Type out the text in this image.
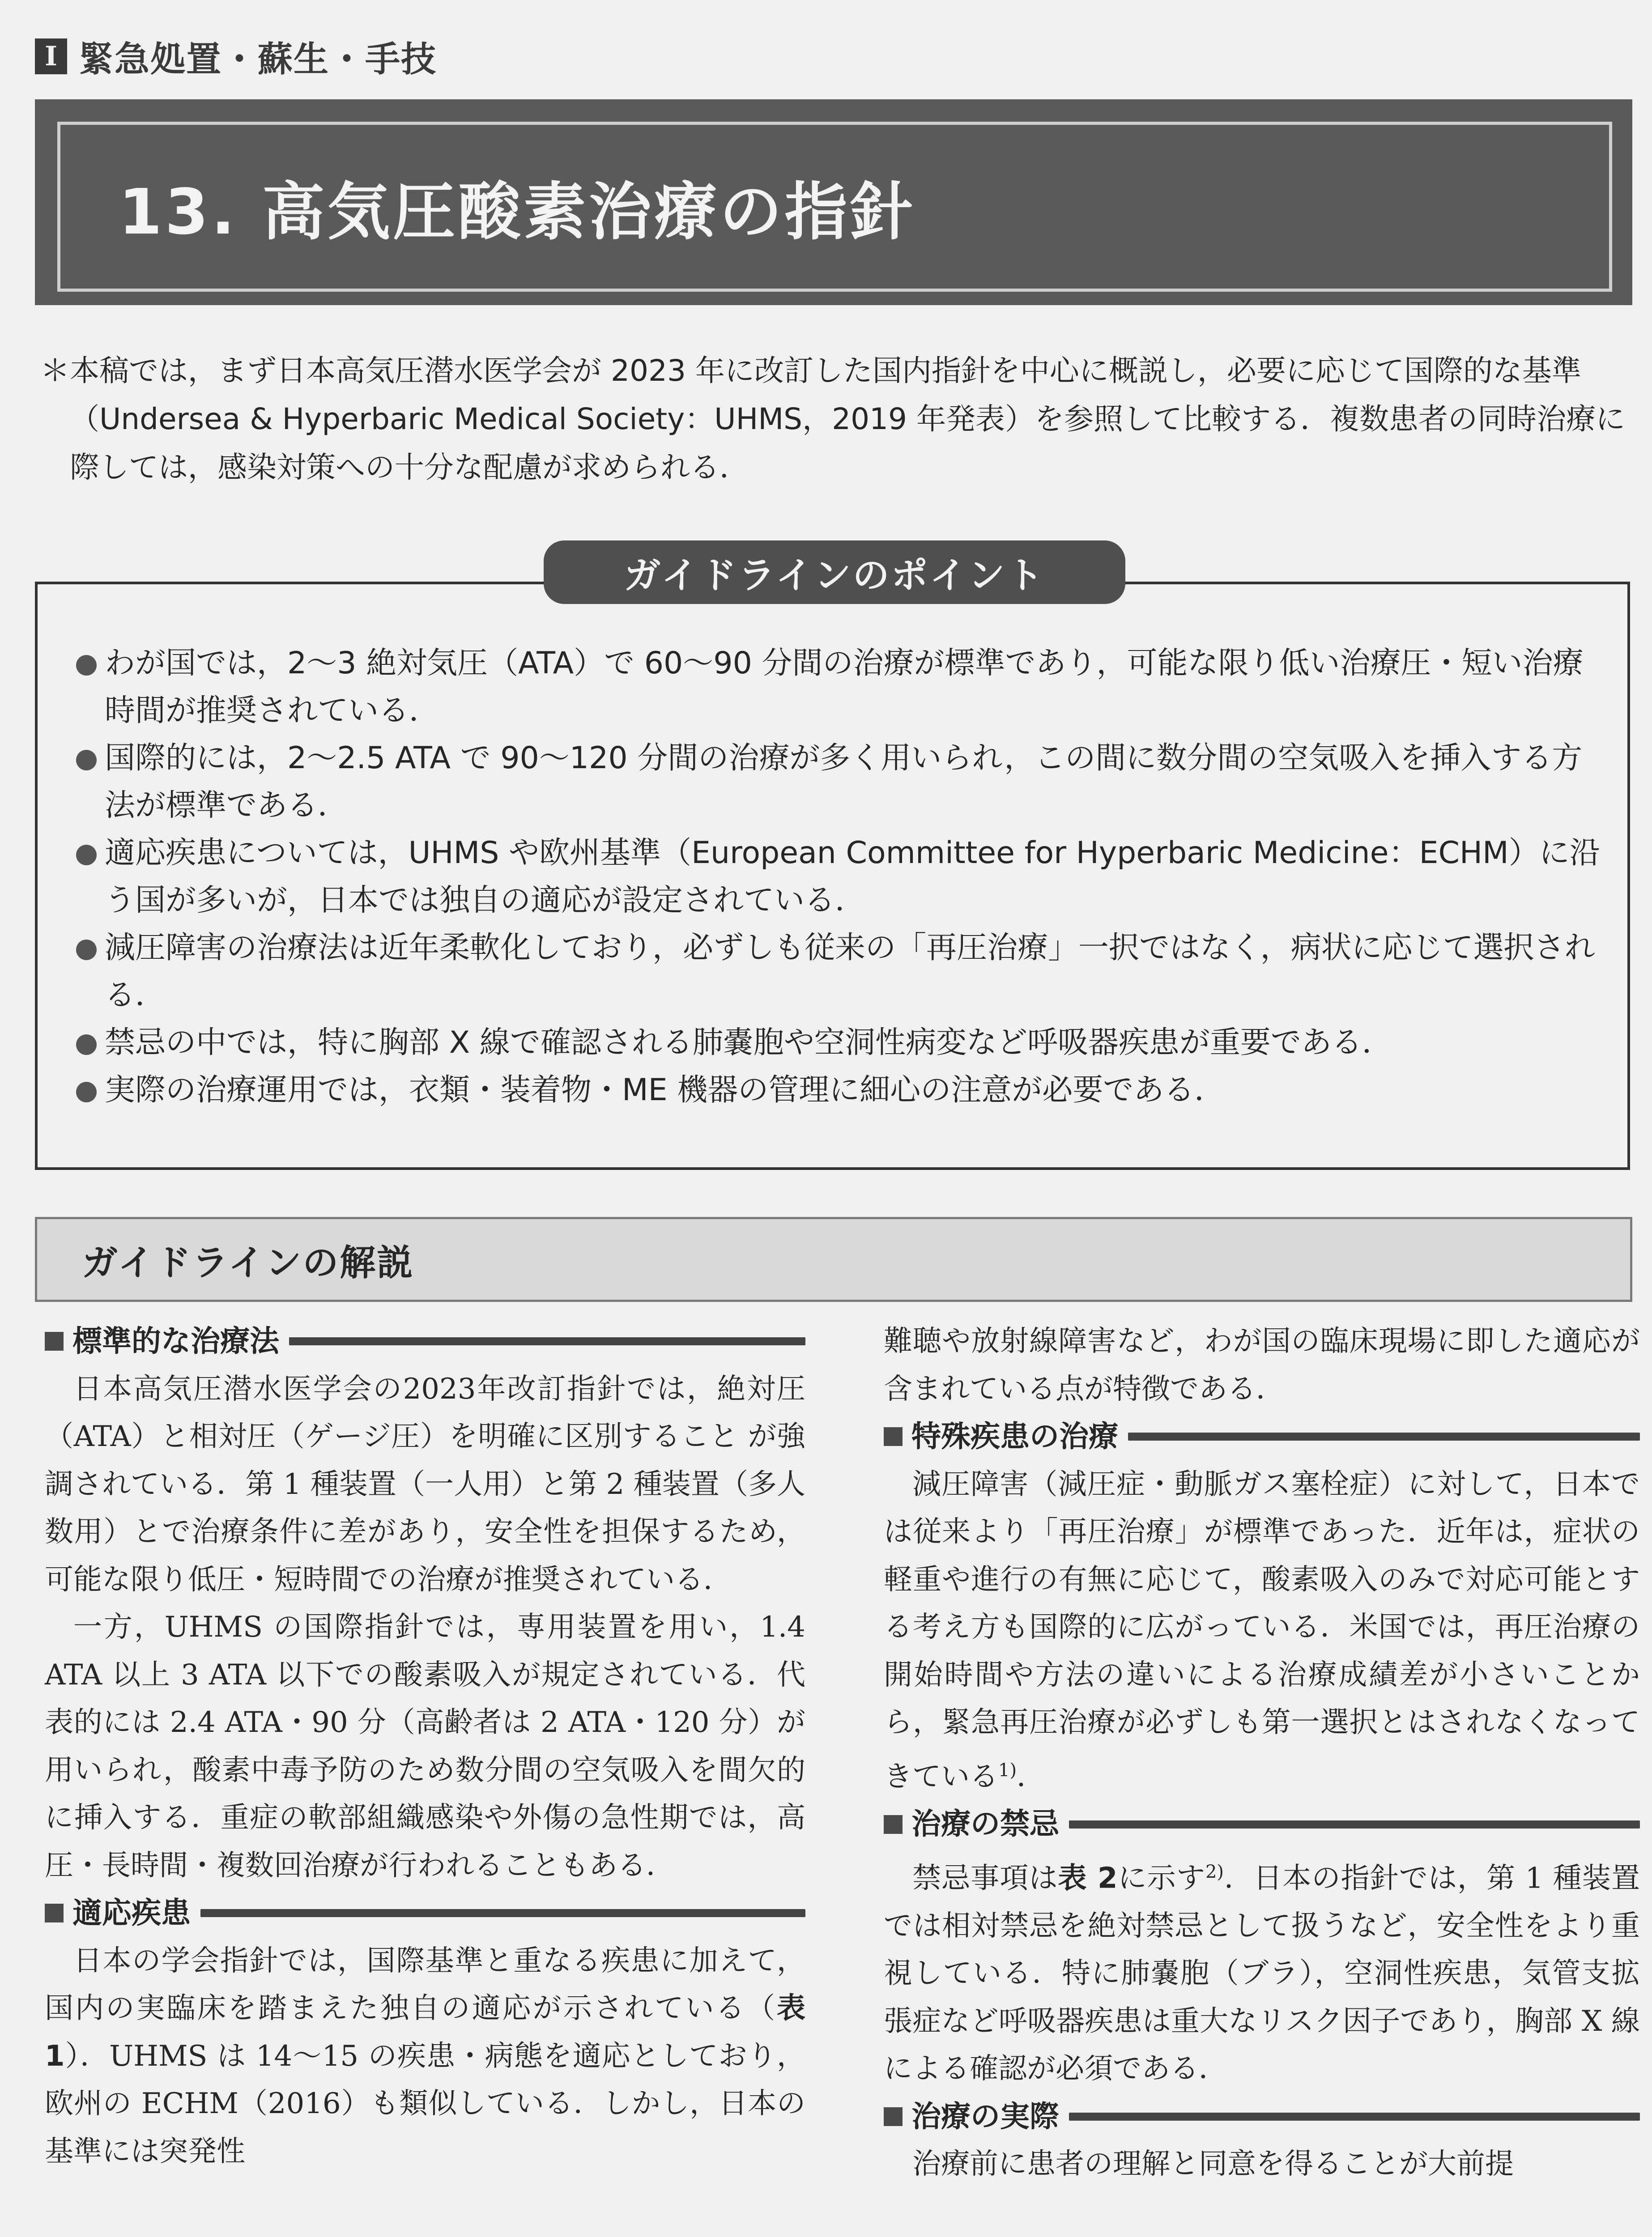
I 緊急処置・蘇生・手技
13. 高気圧酸素治療の指針
＊ 本稿では，まず日本高気圧潜水医学会が 2023 年に改訂した国内指針を中心に概説し，必要に応じて国際的な基準（Undersea & Hyperbaric Medical Society：UHMS，2019 年発表）を参照して比較する．複数患者の同時治療に際しては，感染対策への十分な配慮が求められる．
ガイドラインのポイント
わが国では，2〜3 絶対気圧（ATA）で 60〜90 分間の治療が標準であり，可能な限り低い治療圧・短い治療時間が推奨されている．
国際的には，2〜2.5 ATA で 90〜120 分間の治療が多く用いられ，この間に数分間の空気吸入を挿入する方法が標準である．
適応疾患については，UHMS や欧州基準（European Committee for Hyperbaric Medicine：ECHM）に沿う国が多いが，日本では独自の適応が設定されている．
減圧障害の治療法は近年柔軟化しており，必ずしも従来の「再圧治療」一択ではなく，病状に応じて選択される．
禁忌の中では，特に胸部 X 線で確認される肺嚢胞や空洞性病変など呼吸器疾患が重要である．
実際の治療運用では，衣類・装着物・ME 機器の管理に細心の注意が必要である．
ガイドラインの解説
標準的な治療法

日本高気圧潜水医学会の2023年改訂指針では，絶対圧（ATA）と相対圧（ゲージ圧）を明確に区別すること が強調されている．第 1 種装置（一人用）と第 2 種装置（多人数用）とで治療条件に差があり，安全性を担保するため，可能な限り低圧・短時間での治療が推奨されている．

一方，UHMS の国際指針では，専用装置を用い，1.4 ATA 以上 3 ATA 以下での酸素吸入が規定されている．代表的には 2.4 ATA・90 分（高齢者は 2 ATA・120 分）が用いられ，酸素中毒予防のため数分間の空気吸入を間欠的に挿入する．重症の軟部組織感染や外傷の急性期では，高圧・長時間・複数回治療が行われることもある．

適応疾患

日本の学会指針では，国際基準と重なる疾患に加えて，国内の実臨床を踏まえた独自の適応が示されている（表 1）．UHMS は 14〜15 の疾患・病態を適応としており，欧州の ECHM（2016）も類似している．しかし，日本の基準には突発性

難聴や放射線障害など，わが国の臨床現場に即した適応が含まれている点が特徴である．

特殊疾患の治療

減圧障害（減圧症・動脈ガス塞栓症）に対して，日本では従来より「再圧治療」が標準であった．近年は，症状の軽重や進行の有無に応じて，酸素吸入のみで対応可能とする考え方も国際的に広がっている．米国では，再圧治療の開始時間や方法の違いによる治療成績差が小さいことから，緊急再圧治療が必ずしも第一選択とはされなくなってきている$^{1)}$．

治療の禁忌

禁忌事項は表 2に示す$^{2)}$．日本の指針では，第 1 種装置では相対禁忌を絶対禁忌として扱うなど，安全性をより重視している．特に肺嚢胞（ブラ），空洞性疾患，気管支拡張症など呼吸器疾患は重大なリスク因子であり，胸部 X 線による確認が必須である．

治療の実際

治療前に患者の理解と同意を得ることが大前提
